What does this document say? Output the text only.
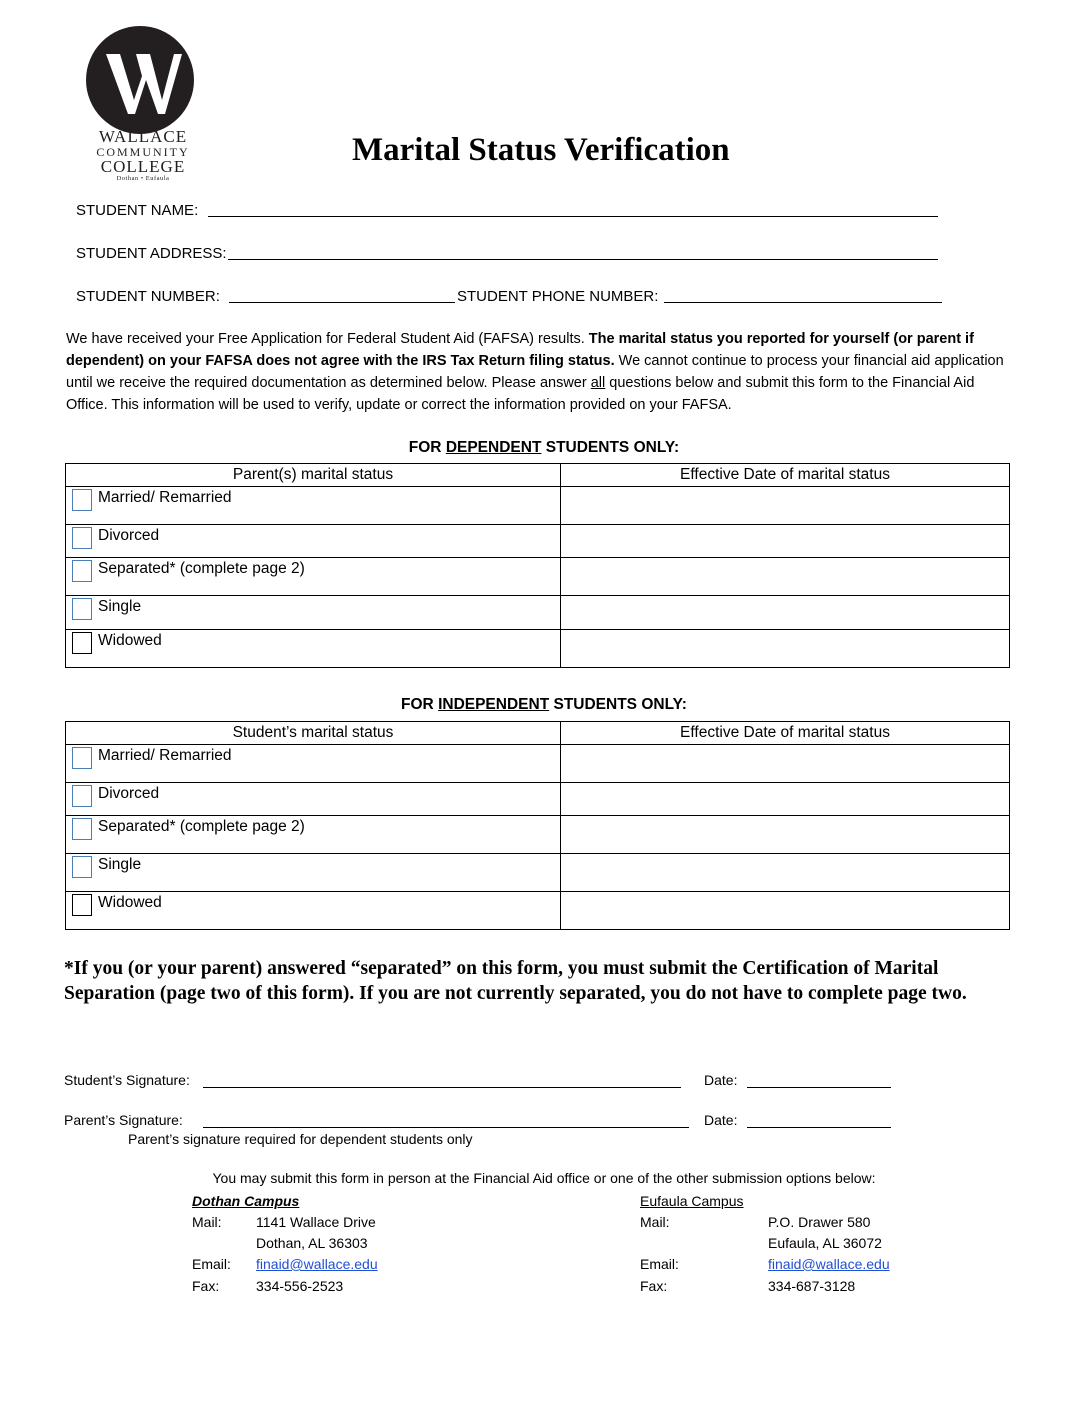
WALLACE
COMMUNITY
COLLEGE
Dothan • Eufaula
Marital Status Verification
STUDENT NAME:
STUDENT ADDRESS:
STUDENT NUMBER:	STUDENT PHONE NUMBER:
We have received your Free Application for Federal Student Aid (FAFSA) results. The marital status you reported for yourself (or parent if dependent) on your FAFSA does not agree with the IRS Tax Return filing status. We cannot continue to process your financial aid application until we receive the required documentation as determined below. Please answer all questions below and submit this form to the Financial Aid Office. This information will be used to verify, update or correct the information provided on your FAFSA.
FOR DEPENDENT STUDENTS ONLY:
Parent(s) marital status	Effective Date of marital status

Married/ Remarried	

Divorced	

Separated* (complete page 2)	

Single	

Widowed	

FOR INDEPENDENT STUDENTS ONLY:
Student’s marital status	Effective Date of marital status

Married/ Remarried	

Divorced	

Separated* (complete page 2)	

Single	

Widowed	

*If you (or your parent) answered “separated” on this form, you must submit the Certification of Marital Separation (page two of this form). If you are not currently separated, you do not have to complete page two.
Student’s Signature:	Date:
Parent’s Signature:	Date:
Parent’s signature required for dependent students only
You may submit this form in person at the Financial Aid office or one of the other submission options below:
Dothan Campus
Mail: 1141 Wallace Drive
Dothan, AL 36303
Email: finaid@wallace.edu
Fax:	334-556-2523
Eufaula Campus
Mail:	P.O. Drawer 580
Eufaula, AL 36072
Email:	finaid@wallace.edu
Fax:	334-687-3128
